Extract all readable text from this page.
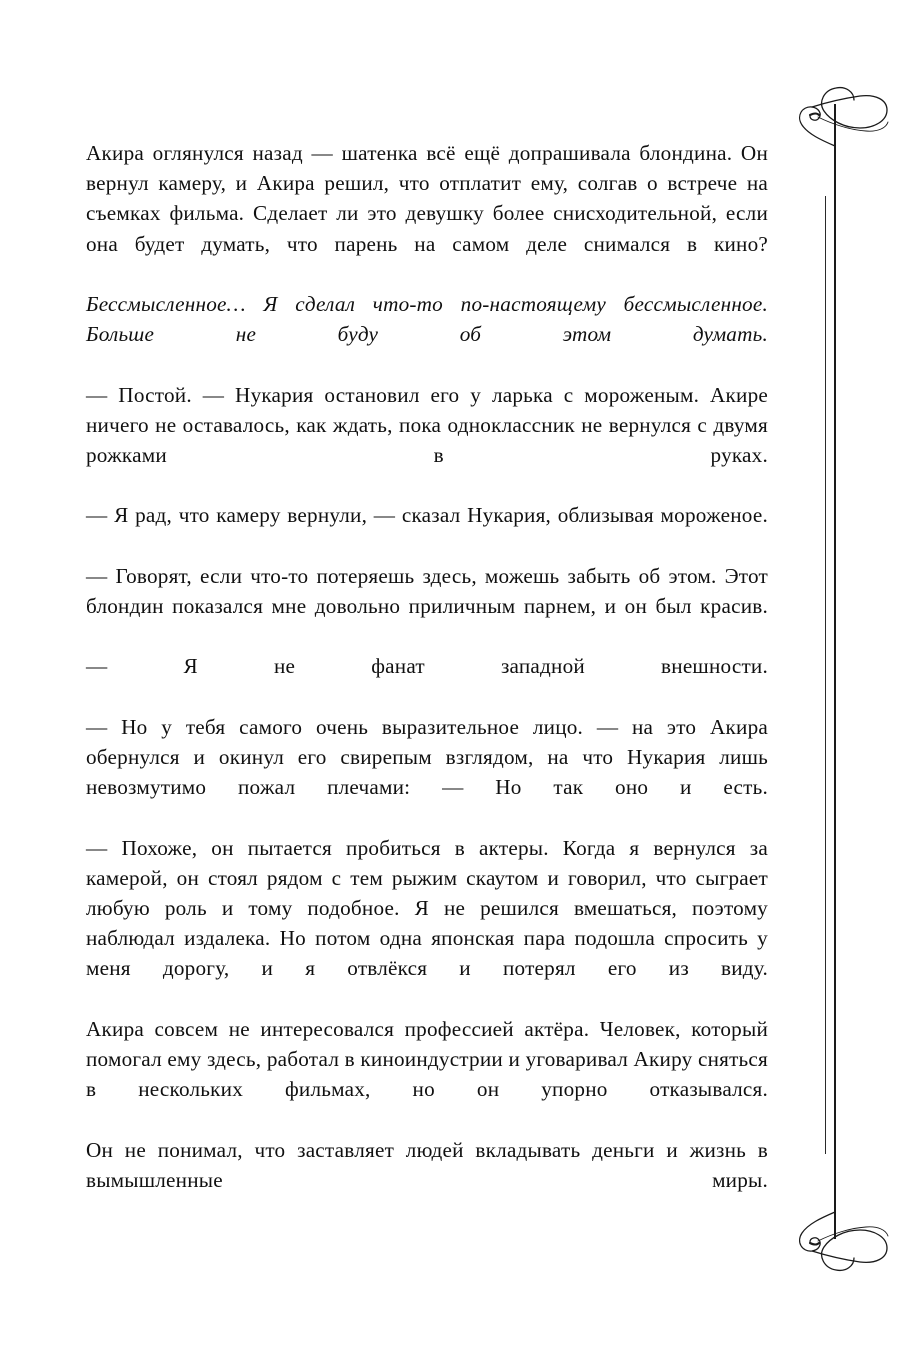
Акира оглянулся назад — шатенка всё ещё допрашивала блондина. Он вернул камеру, и Акира решил, что отплатит ему, солгав о встрече на съемках фильма. Сделает ли это девушку более снисходительной, если она будет думать, что парень на самом деле снимался в кино?

Бессмысленное… Я сделал что-то по-настоящему бессмысленное. Больше не буду об этом думать.

— Постой. — Нукария остановил его у ларька с мороженым. Акире ничего не оставалось, как ждать, пока одноклассник не вернулся с двумя рожками в руках.

— Я рад, что камеру вернули, — сказал Нукария, облизывая мороженое.

— Говорят, если что-то потеряешь здесь, можешь забыть об этом. Этот блондин показался мне довольно приличным парнем, и он был красив.

— Я не фанат западной внешности.

— Но у тебя самого очень выразительное лицо. — на это Акира обернулся и окинул его свирепым взглядом, на что Нукария лишь невозмутимо пожал плечами: — Но так оно и есть.

— Похоже, он пытается пробиться в актеры. Когда я вернулся за камерой, он стоял рядом с тем рыжим скаутом и говорил, что сыграет любую роль и тому подобное. Я не решился вмешаться, поэтому наблюдал издалека. Но потом одна японская пара подошла спросить у меня дорогу, и я отвлёкся и потерял его из виду.

Акира совсем не интересовался профессией актёра. Человек, который помогал ему здесь, работал в киноиндустрии и уговаривал Акиру сняться в нескольких фильмах, но он упорно отказывался.

Он не понимал, что заставляет людей вкладывать деньги и жизнь в вымышленные миры.
